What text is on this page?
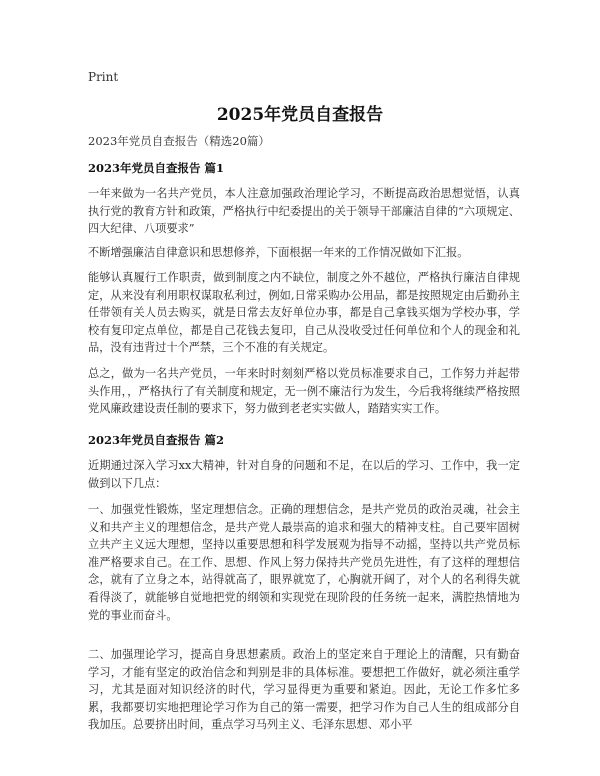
Print
2025年党员自查报告
2023年党员自查报告（精选20篇）
2023年党员自查报告 篇1

一年来做为一名共产党员，本人注意加强政治理论学习，不断提高政治思想觉悟，认真执行党的教育方针和政策，严格执行中纪委提出的关于领导干部廉洁自律的“六项规定、四大纪律、八项要求”

不断增强廉洁自律意识和思想修养，下面根据一年来的工作情况做如下汇报。

能够认真履行工作职责，做到制度之内不缺位，制度之外不越位，严格执行廉洁自律规定，从来没有利用职权谋取私利过，例如,日常采购办公用品，都是按照规定由后勤孙主任带领有关人员去购买，就是日常去友好单位办事，都是自己拿钱买烟为学校办事，学校有复印定点单位，都是自己花钱去复印，自己从没收受过任何单位和个人的现金和礼品，没有违背过十个严禁，三个不准的有关规定。

总之，做为一名共产党员，一年来时时刻刻严格以党员标准要求自己，工作努力并起带头作用，，严格执行了有关制度和规定，无一例不廉洁行为发生，今后我将继续严格按照党风廉政建设责任制的要求下，努力做到老老实实做人，踏踏实实工作。

2023年党员自查报告 篇2

近期通过深入学习xx大精神，针对自身的问题和不足，在以后的学习、工作中，我一定做到以下几点：

一、加强党性锻炼，坚定理想信念。正确的理想信念，是共产党员的政治灵魂，社会主义和共产主义的理想信念，是共产党人最崇高的追求和强大的精神支柱。自己要牢固树立共产主义远大理想，坚持以重要思想和科学发展观为指导不动摇，坚持以共产党员标准严格要求自己。在工作、思想、作风上努力保持共产党员先进性，有了这样的理想信念，就有了立身之本，站得就高了，眼界就宽了，心胸就开阔了，对个人的名利得失就看得淡了，就能够自觉地把党的纲领和实现党在现阶段的任务统一起来，满腔热情地为党的事业而奋斗。

二、加强理论学习，提高自身思想素质。政治上的坚定来自于理论上的清醒，只有勤奋学习，才能有坚定的政治信念和判别是非的具体标准。要想把工作做好，就必须注重学习，尤其是面对知识经济的时代，学习显得更为重要和紧迫。因此，无论工作多忙多累，我都要切实地把理论学习作为自己的第一需要，把学习作为自己人生的组成部分自我加压。总要挤出时间，重点学习马列主义、毛泽东思想、邓小平
